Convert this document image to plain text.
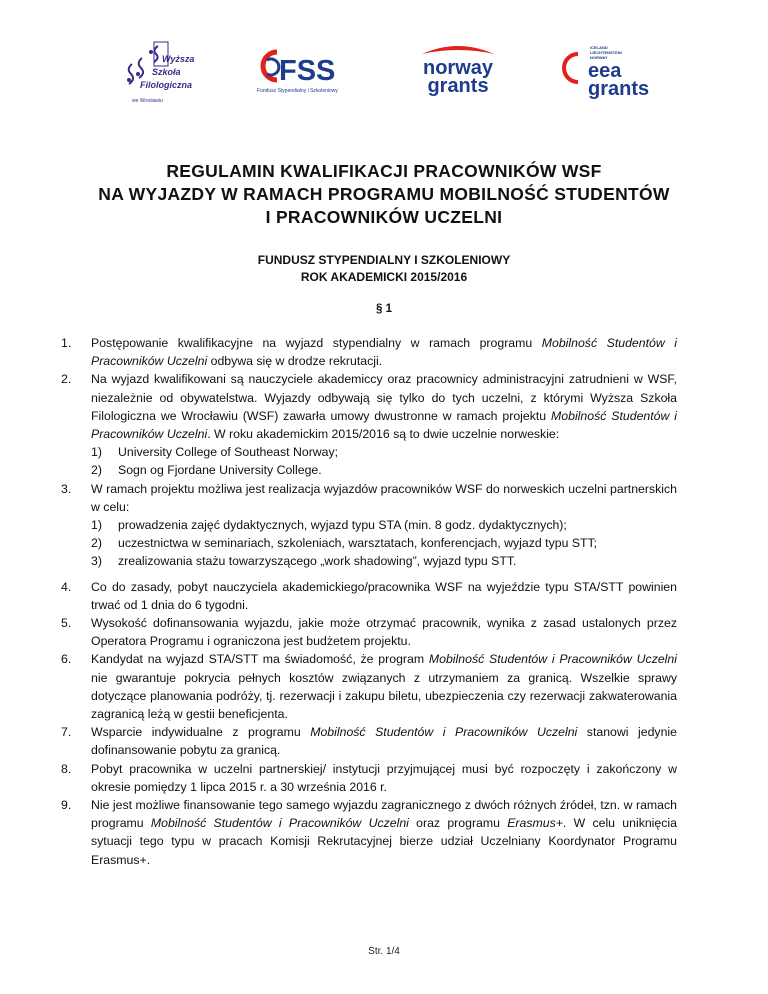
Wyższa
Szkoła
Filologiczna
we Wrocławiu
FSS
Fundusz Stypendialny i Szkoleniowy
norway
grants
ICELAND
LIECHTENSTEIN
NORWAY
eea
grants
REGULAMIN KWALIFIKACJI PRACOWNIKÓW WSF
NA WYJAZDY W RAMACH PROGRAMU MOBILNOŚĆ STUDENTÓW
I PRACOWNIKÓW UCZELNI
FUNDUSZ STYPENDIALNY I SZKOLENIOWY
ROK AKADEMICKI 2015/2016
§ 1
1. Postępowanie kwalifikacyjne na wyjazd stypendialny w ramach programu Mobilność Studentów i Pracowników Uczelni odbywa się w drodze rekrutacji.
2. Na wyjazd kwalifikowani są nauczyciele akademiccy oraz pracownicy administracyjni zatrudnieni w WSF, niezależnie od obywatelstwa. Wyjazdy odbywają się tylko do tych uczelni, z którymi Wyższa Szkoła Filologiczna we Wrocławiu (WSF) zawarła umowy dwustronne w ramach projektu Mobilność Studentów i Pracowników Uczelni. W roku akademickim 2015/2016 są to dwie uczelnie norweskie:
1) University College of Southeast Norway;
2) Sogn og Fjordane University College.
3. W ramach projektu możliwa jest realizacja wyjazdów pracowników WSF do norweskich uczelni partnerskich w celu:
1) prowadzenia zajęć dydaktycznych, wyjazd typu STA (min. 8 godz. dydaktycznych);
2) uczestnictwa w seminariach, szkoleniach, warsztatach, konferencjach, wyjazd typu STT;
3) zrealizowania stażu towarzyszącego „work shadowing”, wyjazd typu STT.
4. Co do zasady, pobyt nauczyciela akademickiego/pracownika WSF na wyjeździe typu STA/STT powinien trwać od 1 dnia do 6 tygodni.
5. Wysokość dofinansowania wyjazdu, jakie może otrzymać pracownik, wynika z zasad ustalonych przez Operatora Programu i ograniczona jest budżetem projektu.
6. Kandydat na wyjazd STA/STT ma świadomość, że program Mobilność Studentów i Pracowników Uczelni nie gwarantuje pokrycia pełnych kosztów związanych z utrzymaniem za granicą. Wszelkie sprawy dotyczące planowania podróży, tj. rezerwacji i zakupu biletu, ubezpieczenia czy rezerwacji zakwaterowania zagranicą leżą w gestii beneficjenta.
7. Wsparcie indywidualne z programu Mobilność Studentów i Pracowników Uczelni stanowi jedynie dofinansowanie pobytu za granicą.
8. Pobyt pracownika w uczelni partnerskiej/ instytucji przyjmującej musi być rozpoczęty i zakończony w okresie pomiędzy 1 lipca 2015 r. a 30 września 2016 r.
9. Nie jest możliwe finansowanie tego samego wyjazdu zagranicznego z dwóch różnych źródeł, tzn. w ramach programu Mobilność Studentów i Pracowników Uczelni oraz programu Erasmus+. W celu uniknięcia sytuacji tego typu w pracach Komisji Rekrutacyjnej bierze udział Uczelniany Koordynator Programu Erasmus+.
Str. 1/4
